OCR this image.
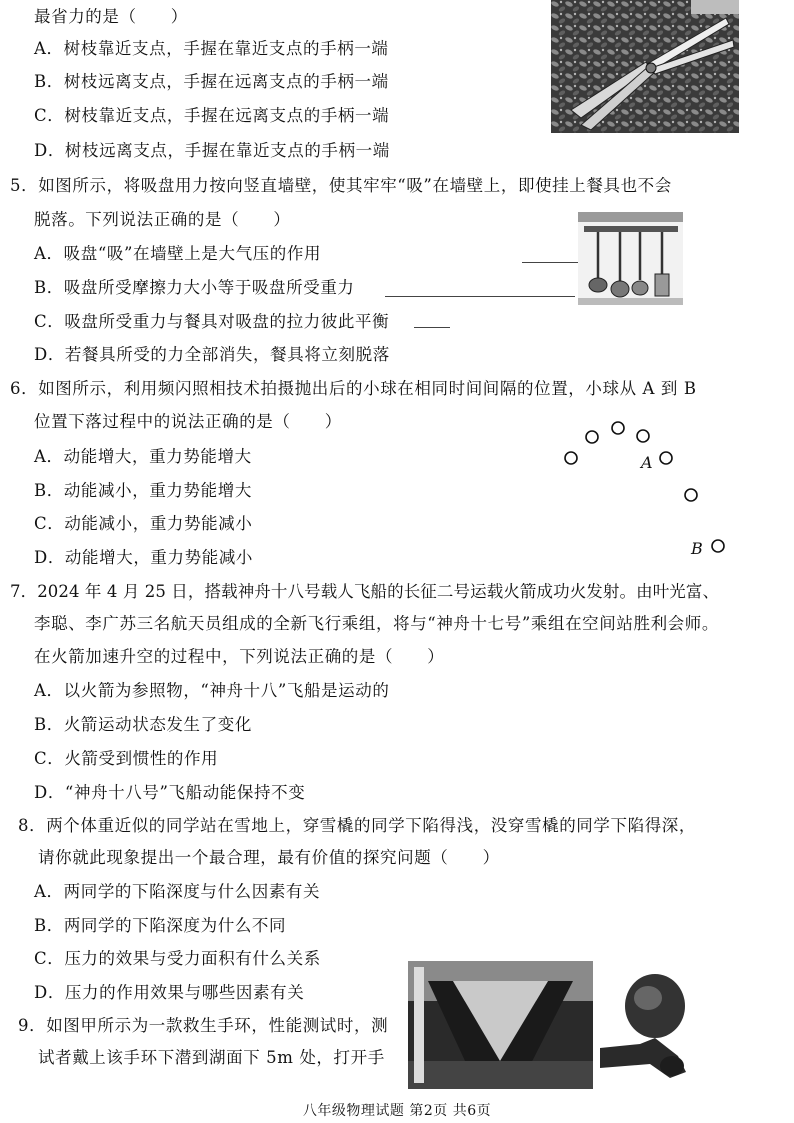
最省力的是（　　）
A．树枝靠近支点，手握在靠近支点的手柄一端
B．树枝远离支点，手握在远离支点的手柄一端
C．树枝靠近支点，手握在远离支点的手柄一端
D．树枝远离支点，手握在靠近支点的手柄一端
5．如图所示，将吸盘用力按向竖直墙壁，使其牢牢“吸”在墙壁上，即使挂上餐具也不会
脱落。下列说法正确的是（　　）
A．吸盘“吸”在墙壁上是大气压的作用
B．吸盘所受摩擦力大小等于吸盘所受重力
C．吸盘所受重力与餐具对吸盘的拉力彼此平衡
D．若餐具所受的力全部消失，餐具将立刻脱落
6．如图所示，利用频闪照相技术拍摄抛出后的小球在相同时间间隔的位置，小球从 A 到 B
位置下落过程中的说法正确的是（　　）
A．动能增大，重力势能增大
B．动能减小，重力势能增大
C．动能减小，重力势能减小
D．动能增大，重力势能减小
A
B
7．2024 年 4 月 25 日，搭载神舟十八号载人飞船的长征二号运载火箭成功火发射。由叶光富、
李聪、李广苏三名航天员组成的全新飞行乘组，将与“神舟十七号”乘组在空间站胜利会师。
在火箭加速升空的过程中，下列说法正确的是（　　）
A．以火箭为参照物，“神舟十八”飞船是运动的
B．火箭运动状态发生了变化
C．火箭受到惯性的作用
D．“神舟十八号”飞船动能保持不变
8．两个体重近似的同学站在雪地上，穿雪橇的同学下陷得浅，没穿雪橇的同学下陷得深，
请你就此现象提出一个最合理，最有价值的探究问题（　　）
A．两同学的下陷深度与什么因素有关
B．两同学的下陷深度为什么不同
C．压力的效果与受力面积有什么关系
D．压力的作用效果与哪些因素有关
9．如图甲所示为一款救生手环，性能测试时，测
试者戴上该手环下潜到湖面下 5m 处，打开手
八年级物理试题 第2页 共6页
